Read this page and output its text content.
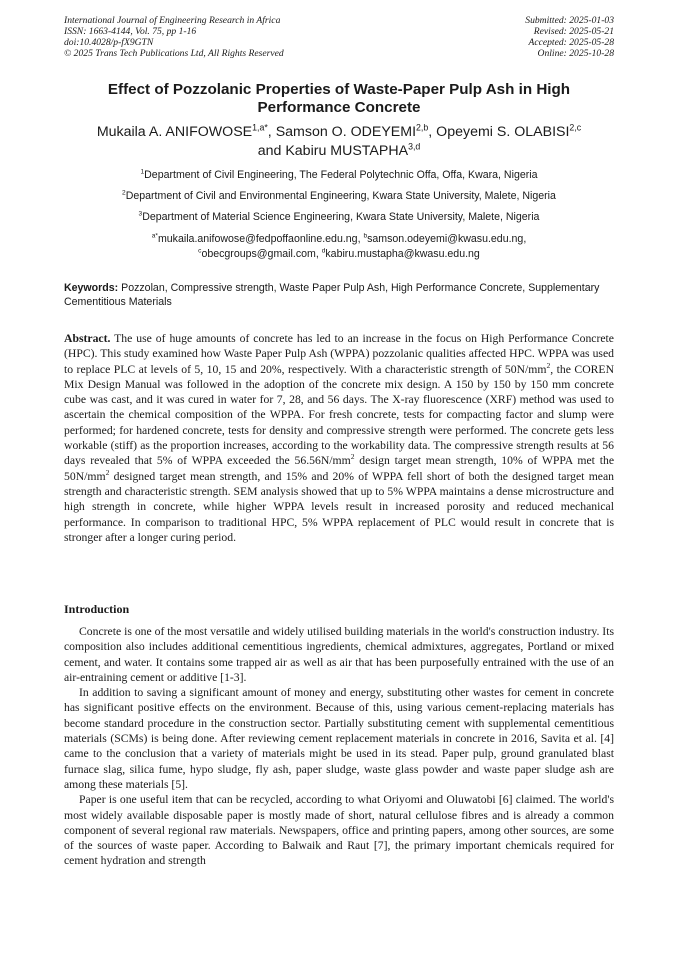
International Journal of Engineering Research in Africa
ISSN: 1663-4144, Vol. 75, pp 1-16
doi:10.4028/p-fX9GTN
© 2025 Trans Tech Publications Ltd, All Rights Reserved
Submitted: 2025-01-03
Revised: 2025-05-21
Accepted: 2025-05-28
Online: 2025-10-28
Effect of Pozzolanic Properties of Waste-Paper Pulp Ash in High Performance Concrete
Mukaila A. $ANIFOWOSE^{1,a*}$, Samson O. ODEYEMI$^{2,b}$, Opeyemi S. OLABISI$^{2,c}$
and Kabiru MUSTAPHA$^{3,d}$
$^1$Department of Civil Engineering, The Federal Polytechnic Offa, Offa, Kwara, Nigeria
$^2$Department of Civil and Environmental Engineering, Kwara State University, Malete, Nigeria
$^3$Department of Material Science Engineering, Kwara State University, Malete, Nigeria
$^{a*}$mukaila.anifowose@fedpoffaonline.edu.ng, $^b$samson.odeyemi@kwasu.edu.ng,
$^c$obecgroups@gmail.com, $^d$kabiru.mustapha@kwasu.edu.ng
Keywords: Pozzolan, Compressive strength, Waste Paper Pulp Ash, High Performance Concrete, Supplementary Cementitious Materials
Abstract. The use of huge amounts of concrete has led to an increase in the focus on High Performance Concrete (HPC). This study examined how Waste Paper Pulp Ash (WPPA) pozzolanic qualities affected HPC. WPPA was used to replace PLC at levels of 5, 10, 15 and 20%, respectively. With a characteristic strength of $50N/mm^2$, the COREN Mix Design Manual was followed in the adoption of the concrete mix design. A 150 by 150 by 150 mm concrete cube was cast, and it was cured in water for 7, 28, and 56 days. The X-ray fluorescence (XRF) method was used to ascertain the chemical composition of the WPPA. For fresh concrete, tests for compacting factor and slump were performed; for hardened concrete, tests for density and compressive strength were performed. The concrete gets less workable (stiff) as the proportion increases, according to the workability data. The compressive strength results at 56 days revealed that 5% of WPPA exceeded the $56.56N/mm^2$ design target mean strength, 10% of WPPA met the $50N/mm^2$ designed target mean strength, and 15% and 20% of WPPA fell short of both the designed target mean strength and characteristic strength. SEM analysis showed that up to 5% WPPA maintains a dense microstructure and high strength in concrete, while higher WPPA levels result in increased porosity and reduced mechanical performance. In comparison to traditional HPC, 5% WPPA replacement of PLC would result in concrete that is stronger after a longer curing period.
Introduction

Concrete is one of the most versatile and widely utilised building materials in the world's construction industry. Its composition also includes additional cementitious ingredients, chemical admixtures, aggregates, Portland or mixed cement, and water. It contains some trapped air as well as air that has been purposefully entrained with the use of an air-entraining cement or additive [1-3].

In addition to saving a significant amount of money and energy, substituting other wastes for cement in concrete has significant positive effects on the environment. Because of this, using various cement-replacing materials has become standard procedure in the construction sector. Partially substituting cement with supplemental cementitious materials (SCMs) is being done. After reviewing cement replacement materials in concrete in 2016, Savita et al. [4] came to the conclusion that a variety of materials might be used in its stead. Paper pulp, ground granulated blast furnace slag, silica fume, hypo sludge, fly ash, paper sludge, waste glass powder and waste paper sludge ash are among these materials [5].

Paper is one useful item that can be recycled, according to what Oriyomi and Oluwatobi [6] claimed. The world's most widely available disposable paper is mostly made of short, natural cellulose fibres and is already a common component of several regional raw materials. Newspapers, office and printing papers, among other sources, are some of the sources of waste paper. According to Balwaik and Raut [7], the primary important chemicals required for cement hydration and strength
